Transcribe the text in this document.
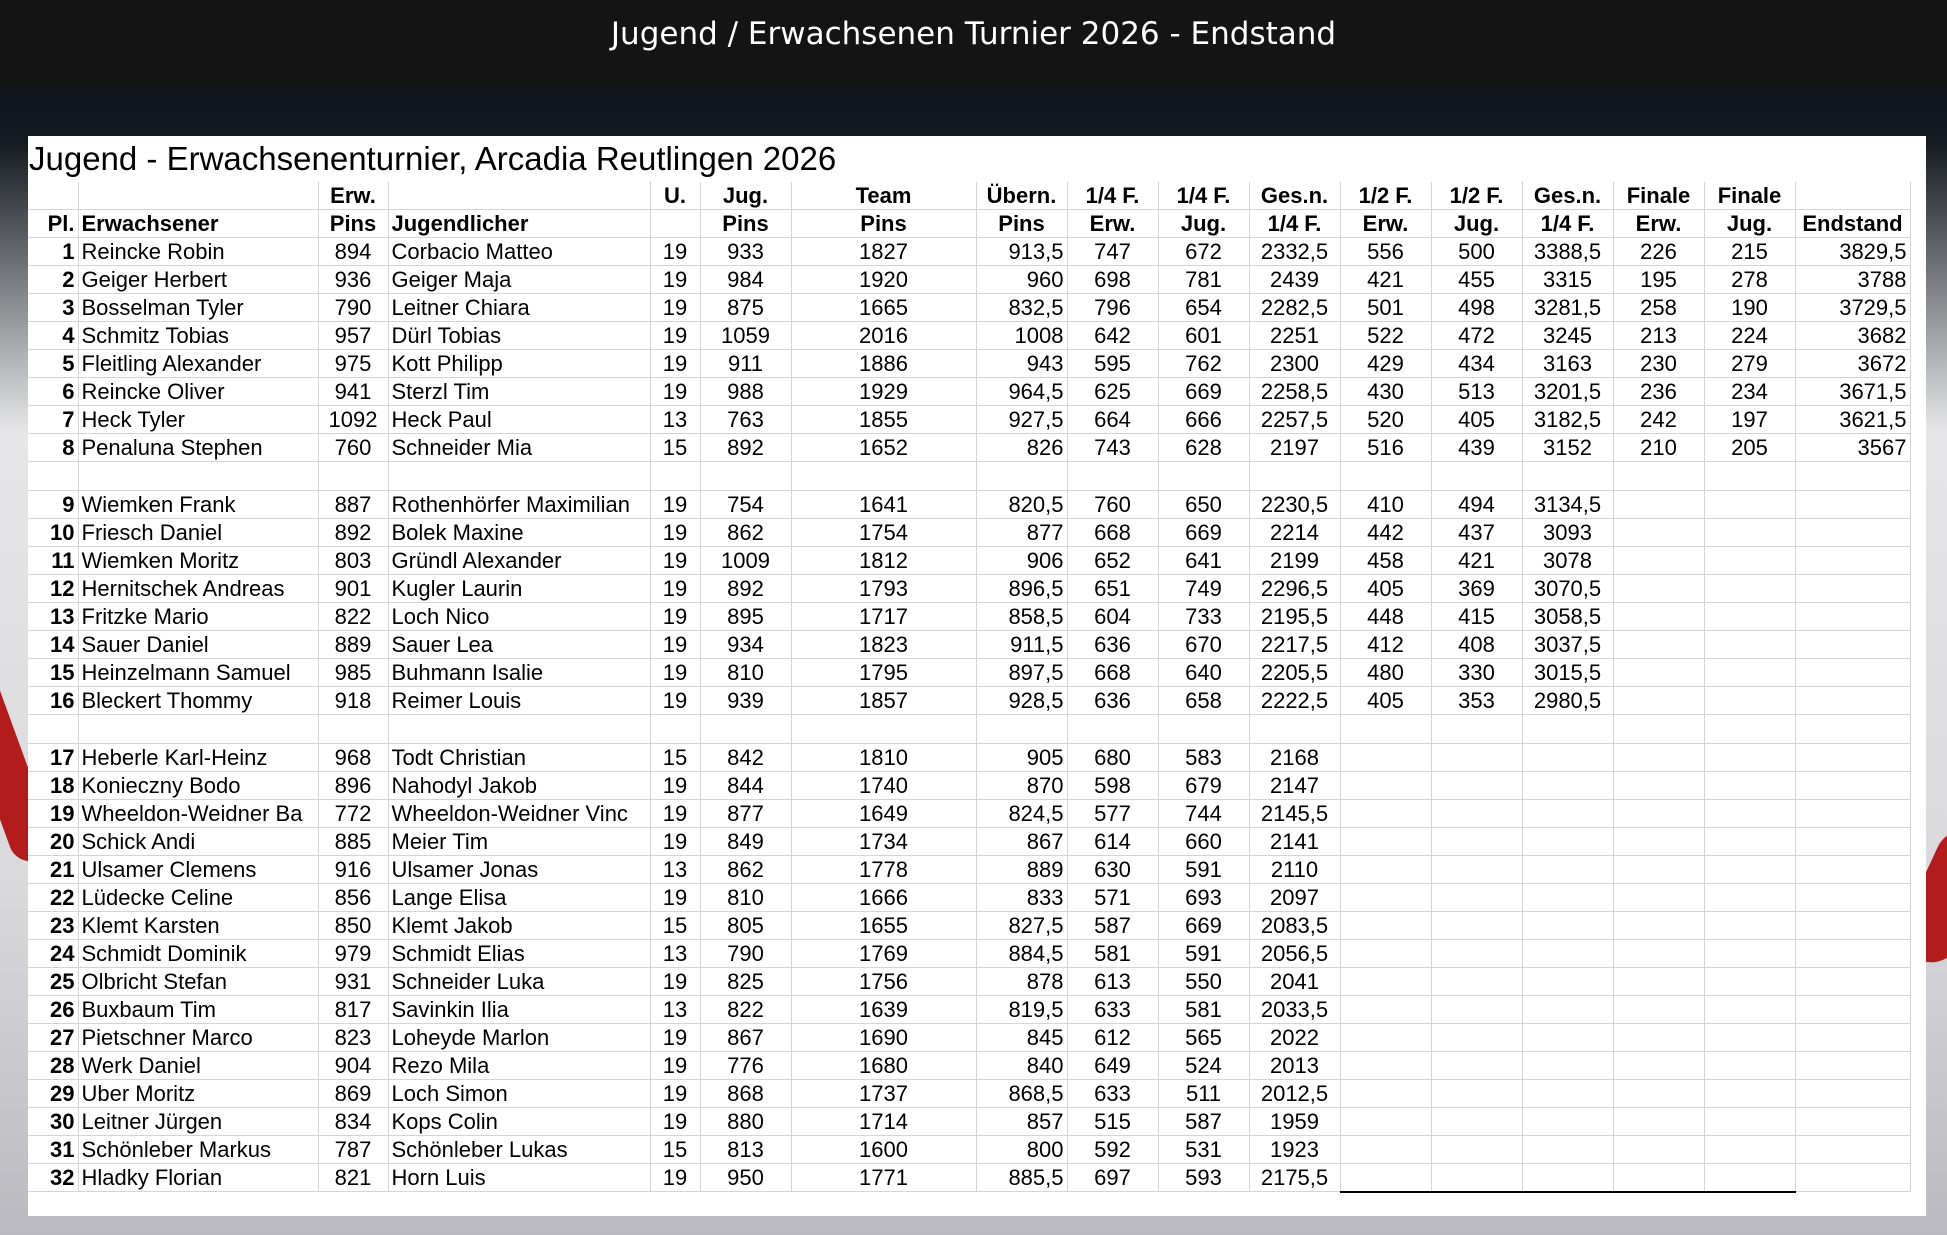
Jugend / Erwachsenen Turnier 2026 - Endstand
Jugend - Erwachsenenturnier, Arcadia Reutlingen 2026
		Erw.		U.	Jug.	Team	Übern.	1/4 F.	1/4 F.	Ges.n.	1/2 F.	1/2 F.	Ges.n.	Finale	Finale	
Pl.	Erwachsener	Pins	Jugendlicher		Pins	Pins	Pins	Erw.	Jug.	1/4 F.	Erw.	Jug.	1/4 F.	Erw.	Jug.	Endstand
1	Reincke Robin	894	Corbacio Matteo	19	933	1827	913,5	747	672	2332,5	556	500	3388,5	226	215	3829,5
2	Geiger Herbert	936	Geiger Maja	19	984	1920	960	698	781	2439	421	455	3315	195	278	3788
3	Bosselman Tyler	790	Leitner Chiara	19	875	1665	832,5	796	654	2282,5	501	498	3281,5	258	190	3729,5
4	Schmitz Tobias	957	Dürl Tobias	19	1059	2016	1008	642	601	2251	522	472	3245	213	224	3682
5	Fleitling Alexander	975	Kott Philipp	19	911	1886	943	595	762	2300	429	434	3163	230	279	3672
6	Reincke Oliver	941	Sterzl Tim	19	988	1929	964,5	625	669	2258,5	430	513	3201,5	236	234	3671,5
7	Heck Tyler	1092	Heck Paul	13	763	1855	927,5	664	666	2257,5	520	405	3182,5	242	197	3621,5
8	Penaluna Stephen	760	Schneider Mia	15	892	1652	826	743	628	2197	516	439	3152	210	205	3567

9	Wiemken Frank	887	Rothenhörfer Maximilian	19	754	1641	820,5	760	650	2230,5	410	494	3134,5			
10	Friesch Daniel	892	Bolek Maxine	19	862	1754	877	668	669	2214	442	437	3093			
11	Wiemken Moritz	803	Gründl Alexander	19	1009	1812	906	652	641	2199	458	421	3078			
12	Hernitschek Andreas	901	Kugler Laurin	19	892	1793	896,5	651	749	2296,5	405	369	3070,5			
13	Fritzke Mario	822	Loch Nico	19	895	1717	858,5	604	733	2195,5	448	415	3058,5			
14	Sauer Daniel	889	Sauer Lea	19	934	1823	911,5	636	670	2217,5	412	408	3037,5			
15	Heinzelmann Samuel	985	Buhmann Isalie	19	810	1795	897,5	668	640	2205,5	480	330	3015,5			
16	Bleckert Thommy	918	Reimer Louis	19	939	1857	928,5	636	658	2222,5	405	353	2980,5			

17	Heberle Karl-Heinz	968	Todt Christian	15	842	1810	905	680	583	2168						
18	Konieczny Bodo	896	Nahodyl Jakob	19	844	1740	870	598	679	2147						
19	Wheeldon-Weidner Ba	772	Wheeldon-Weidner Vinc	19	877	1649	824,5	577	744	2145,5						
20	Schick Andi	885	Meier Tim	19	849	1734	867	614	660	2141						
21	Ulsamer Clemens	916	Ulsamer Jonas	13	862	1778	889	630	591	2110						
22	Lüdecke Celine	856	Lange Elisa	19	810	1666	833	571	693	2097						
23	Klemt Karsten	850	Klemt Jakob	15	805	1655	827,5	587	669	2083,5						
24	Schmidt Dominik	979	Schmidt Elias	13	790	1769	884,5	581	591	2056,5						
25	Olbricht Stefan	931	Schneider Luka	19	825	1756	878	613	550	2041						
26	Buxbaum Tim	817	Savinkin Ilia	13	822	1639	819,5	633	581	2033,5						
27	Pietschner Marco	823	Loheyde Marlon	19	867	1690	845	612	565	2022						
28	Werk Daniel	904	Rezo Mila	19	776	1680	840	649	524	2013						
29	Uber Moritz	869	Loch Simon	19	868	1737	868,5	633	511	2012,5						
30	Leitner Jürgen	834	Kops Colin	19	880	1714	857	515	587	1959						
31	Schönleber Markus	787	Schönleber Lukas	15	813	1600	800	592	531	1923						
32	Hladky Florian	821	Horn Luis	19	950	1771	885,5	697	593	2175,5						
